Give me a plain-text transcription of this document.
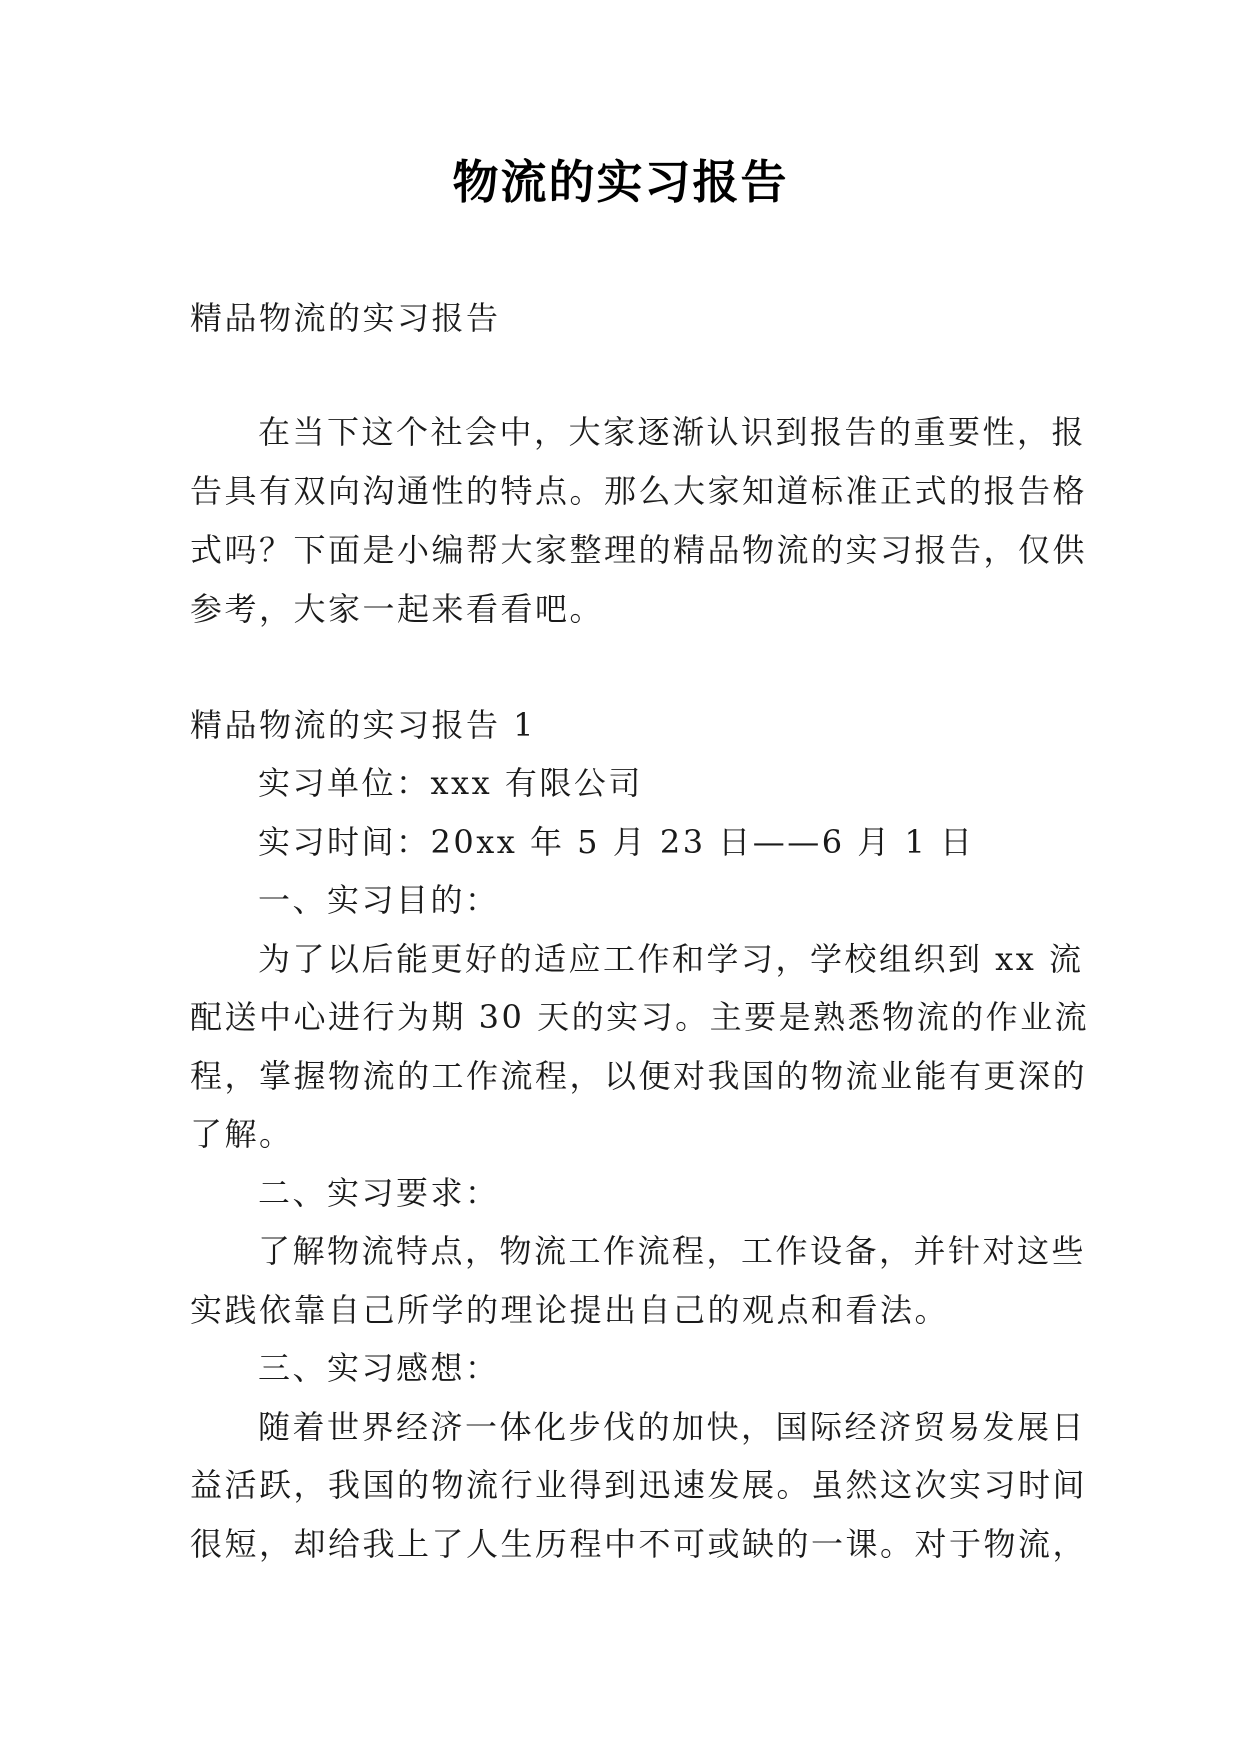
物流的实习报告
精品物流的实习报告
在当下这个社会中，大家逐渐认识到报告的重要性，报
告具有双向沟通性的特点。那么大家知道标准正式的报告格
式吗？下面是小编帮大家整理的精品物流的实习报告，仅供
参考，大家一起来看看吧。
精品物流的实习报告 1
实习单位：xxx 有限公司
实习时间：20xx 年 5 月 23 日——6 月 1 日
一、实习目的：
为了以后能更好的适应工作和学习，学校组织到 xx 流
配送中心进行为期 30 天的实习。主要是熟悉物流的作业流
程，掌握物流的工作流程，以便对我国的物流业能有更深的
了解。
二、实习要求：
了解物流特点，物流工作流程，工作设备，并针对这些
实践依靠自己所学的理论提出自己的观点和看法。
三、实习感想：
随着世界经济一体化步伐的加快，国际经济贸易发展日
益活跃，我国的物流行业得到迅速发展。虽然这次实习时间
很短，却给我上了人生历程中不可或缺的一课。对于物流，
